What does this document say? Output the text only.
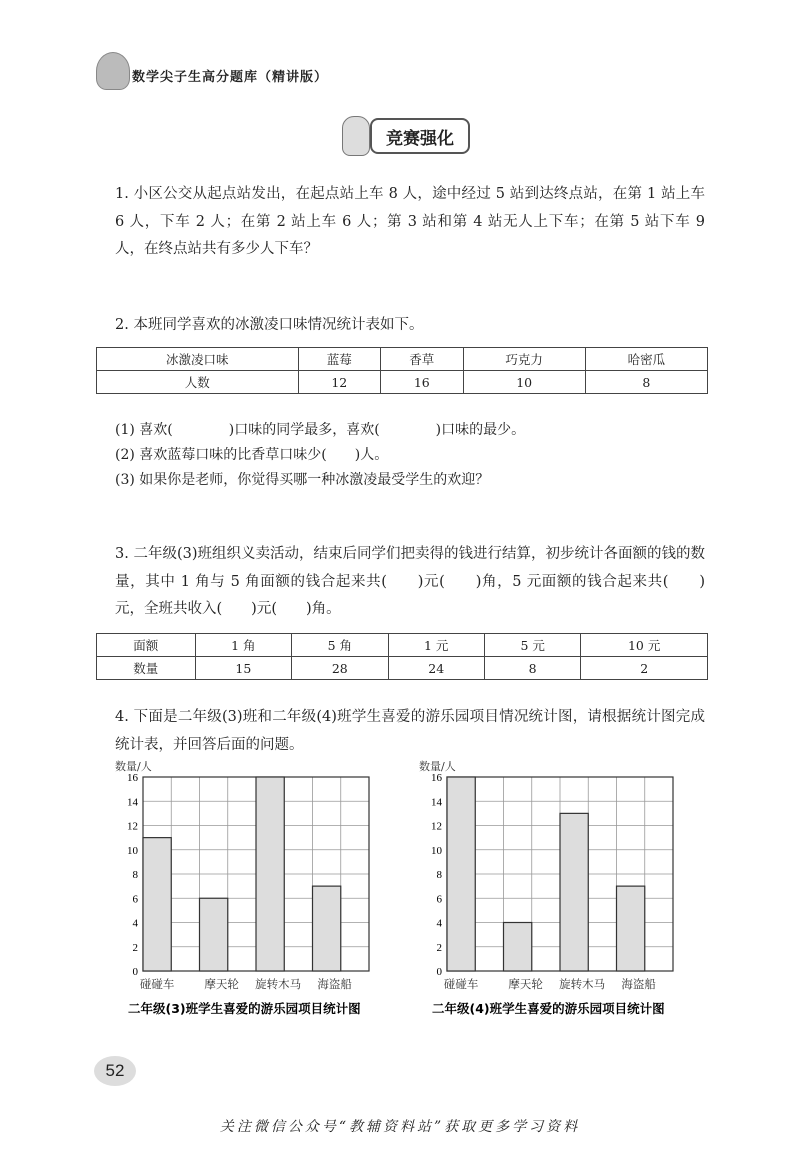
数学尖子生高分题库（精讲版）
竞赛强化
1. 小区公交从起点站发出，在起点站上车 8 人，途中经过 5 站到达终点站，在第 1 站上车 6 人，下车 2 人；在第 2 站上车 6 人；第 3 站和第 4 站无人上下车；在第 5 站下车 9 人，在终点站共有多少人下车？
2. 本班同学喜欢的冰激凌口味情况统计表如下。
冰激凌口味	蓝莓	香草	巧克力	哈密瓜
人数	12	16	10	8
(1) 喜欢(　　　　)口味的同学最多，喜欢(　　　　)口味的最少。
(2) 喜欢蓝莓口味的比香草口味少(　　)人。
(3) 如果你是老师，你觉得买哪一种冰激凌最受学生的欢迎？
3. 二年级(3)班组织义卖活动，结束后同学们把卖得的钱进行结算，初步统计各面额的钱的数量，其中 1 角与 5 角面额的钱合起来共(　　)元(　　)角，5 元面额的钱合起来共(　　)元，全班共收入(　　)元(　　)角。
面额	1 角	5 角	1 元	5 元	10 元
数量	15	28	24	8	2
4. 下面是二年级(3)班和二年级(4)班学生喜爱的游乐园项目情况统计图，请根据统计图完成统计表，并回答后面的问题。
0
2
4
6
8
10
12
14
16
碰碰车	摩天轮 旋转木马 海盗船
数量/人
二年级(3)班学生喜爱的游乐园项目统计图
0
2
4
6
8
10
12
14
16
碰碰车	摩天轮 旋转木马 海盗船
数量/人
二年级(4)班学生喜爱的游乐园项目统计图
52
关注微信公众号“教辅资料站”获取更多学习资料
